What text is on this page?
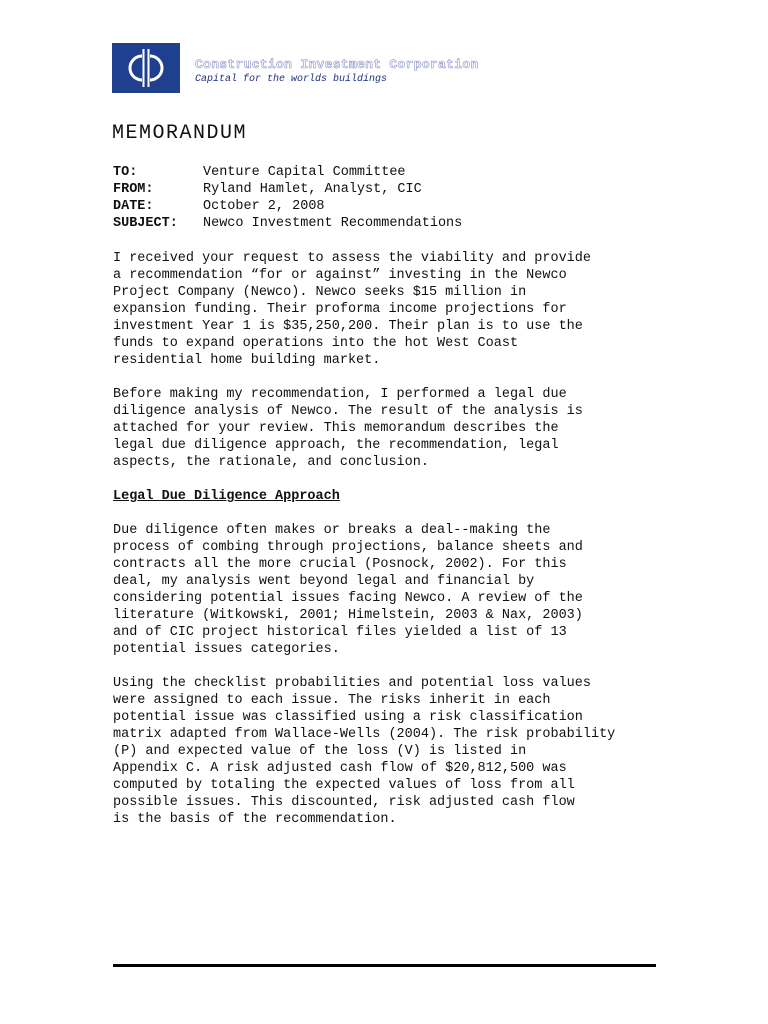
Construction Investment Corporation
Capital for the worlds buildings
MEMORANDUM
TO:	Venture Capital Committee
FROM:	Ryland Hamlet, Analyst, CIC
DATE:	October 2, 2008
SUBJECT: Newco Investment Recommendations

I received your request to assess the viability and provide
a recommendation “for or against” investing in the Newco
Project Company (Newco). Newco seeks $15 million in
expansion funding. Their proforma income projections for
investment Year 1 is $35,250,200. Their plan is to use the
funds to expand operations into the hot West Coast
residential home building market.

Before making my recommendation, I performed a legal due
diligence analysis of Newco. The result of the analysis is
attached for your review. This memorandum describes the
legal due diligence approach, the recommendation, legal
aspects, the rationale, and conclusion.

Legal Due Diligence Approach

Due diligence often makes or breaks a deal--making the
process of combing through projections, balance sheets and
contracts all the more crucial (Posnock, 2002). For this
deal, my analysis went beyond legal and financial by
considering potential issues facing Newco. A review of the
literature (Witkowski, 2001; Himelstein, 2003 & Nax, 2003)
and of CIC project historical files yielded a list of 13
potential issues categories.

Using the checklist probabilities and potential loss values
were assigned to each issue. The risks inherit in each
potential issue was classified using a risk classification
matrix adapted from Wallace-Wells (2004). The risk probability
(P) and expected value of the loss (V) is listed in
Appendix C. A risk adjusted cash flow of $20,812,500 was
computed by totaling the expected values of loss from all
possible issues. This discounted, risk adjusted cash flow
is the basis of the recommendation.
